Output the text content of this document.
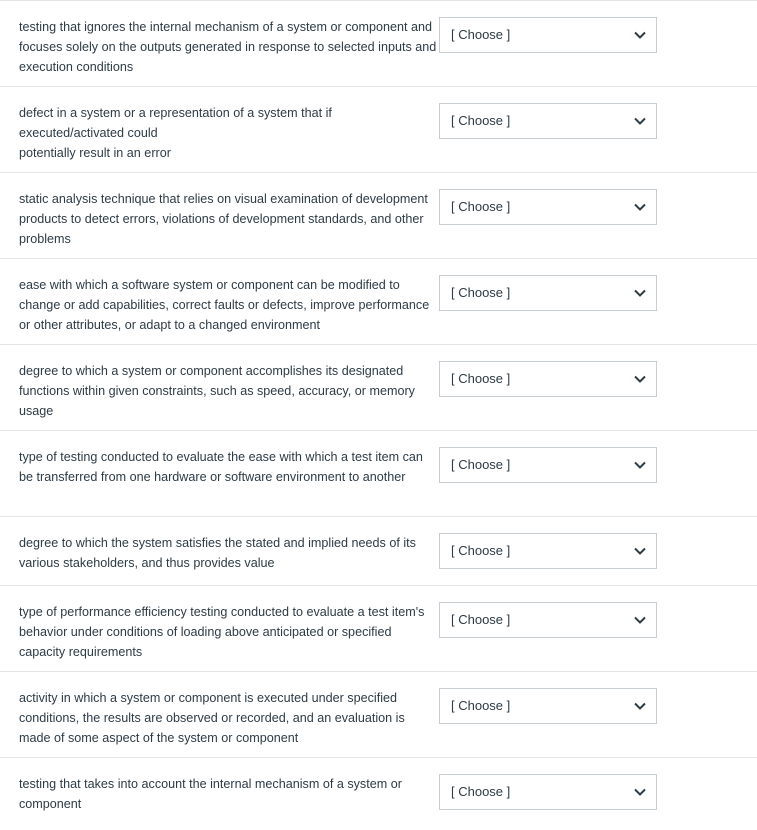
testing that ignores the internal mechanism of a system or component and focuses solely on the outputs generated in response to selected inputs and execution conditions
[ Choose ]
defect in a system or a representation of a system that if executed/activated could
potentially result in an error
[ Choose ]
static analysis technique that relies on visual examination of development products to detect errors, violations of development standards, and other problems
[ Choose ]
ease with which a software system or component can be modified to change or add capabilities, correct faults or defects, improve performance or other attributes, or adapt to a changed environment
[ Choose ]
degree to which a system or component accomplishes its designated functions within given constraints, such as speed, accuracy, or memory usage
[ Choose ]
type of testing conducted to evaluate the ease with which a test item can be transferred from one hardware or software environment to another
[ Choose ]
degree to which the system satisfies the stated and implied needs of its various stakeholders, and thus provides value
[ Choose ]
type of performance efficiency testing conducted to evaluate a test item's behavior under conditions of loading above anticipated or specified capacity requirements
[ Choose ]
activity in which a system or component is executed under specified conditions, the results are observed or recorded, and an evaluation is made of some aspect of the system or component
[ Choose ]
testing that takes into account the internal mechanism of a system or component
[ Choose ]
